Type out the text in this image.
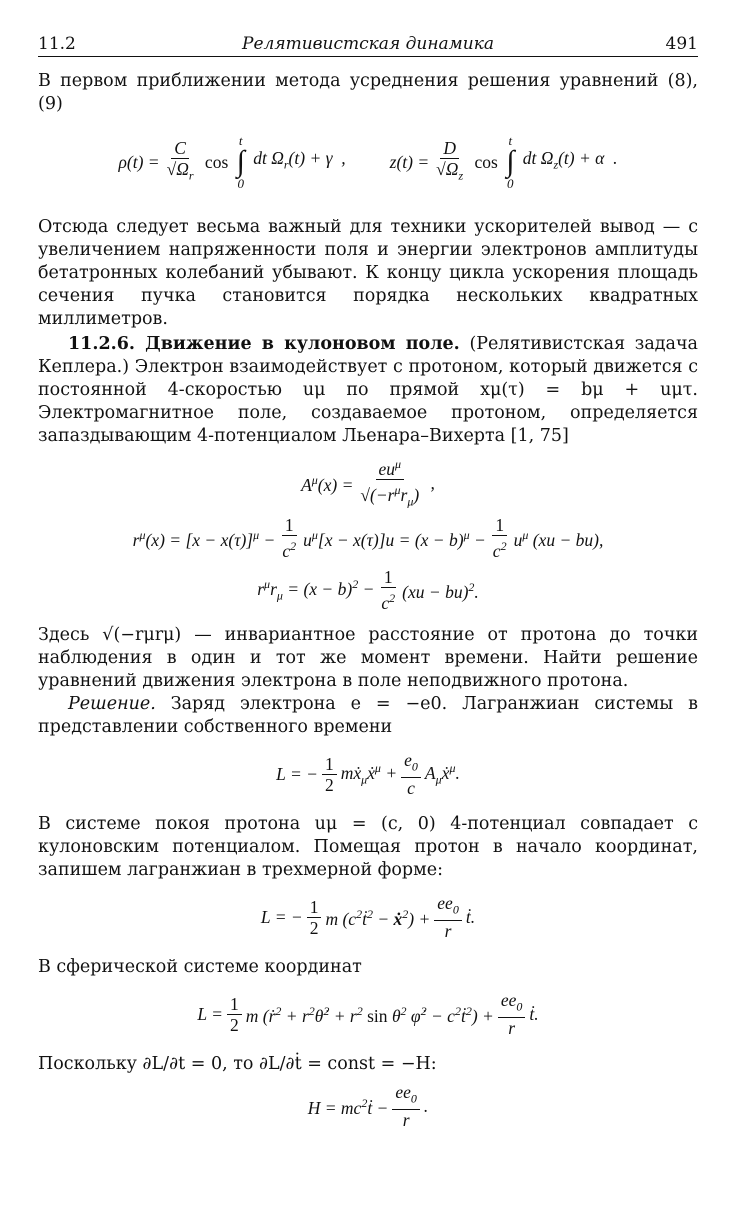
11.2	Релятивистская динамика	491

В первом приближении метода усреднения решения уравнений (8), (9)

$\rho(t) = \frac{C}{√\Omega_r}$ cos
t
∫
0
dt $\Omega_r(t) + \gamma$  ,	$z(t) = \frac{D}{√\Omega_z}$ cos
t
∫
0
dt $\Omega_z(t) + \alpha$  .

Отсюда следует весьма важный для техники ускорителей вывод — с увеличением напряженности поля и энергии электронов амплитуды бетатронных колебаний убывают. К концу цикла ускорения площадь сечения пучка становится порядка нескольких квадратных миллиметров.

11.2.6. Движение в кулоновом поле. (Релятивистская задача Кеплера.) Электрон взаимодействует с протоном, который движется с постоянной 4-скоростью uμ по прямой xμ(τ) = bμ + uμτ. Электромагнитное поле, создаваемое протоном, определяется запаздывающим 4-потенциалом Льенара–Вихерта [1, 75]

$A^\mu(x) = \frac{eu^\mu}{√(-r^\mu r_\mu)}$ ,
$r^\mu(x) = [x - x(\tau)]^\mu - \frac{1}{c^2} u^\mu[x - x(\tau)]u = (x - b)^\mu - \frac{1}{c^2} u^\mu$ (xu − bu),
$r^\mu r_\mu = (x - b)^2 - \frac{1}{c^2} (xu - bu)^2$.

Здесь √(−rμrμ) — инвариантное расстояние от протона до точки наблюдения в один и тот же момент времени. Найти решение уравнений движения электрона в поле неподвижного протона.

Решение. Заряд электрона e = −e0. Лагранжиан системы в представлении собственного времени

L = − $\frac{1}{2}$ mẋ$_\mu$ẋ$^\mu$ + $\frac{e_0}{c}$ $A_\mu ẋ^\mu$.

В системе покоя протона uμ = (c, 0) 4-потенциал совпадает с кулоновским потенциалом. Помещая протон в начало координат, запишем лагранжиан в трехмерной форме:

L = − $\frac{1}{2}$ m ($c^2ṫ^2$ − ẋ$^2$) + $\frac{ee_0}{r}$ ṫ.

В сферической системе координат

$L = \frac{1}{2}$ m (ṙ$^2$ + $r^2\thetȧ^2 + r^2$ $\sin \theta^2$ φ̇$^2$ − $c^2ṫ^2) + \frac{ee_0}{r}$ ṫ.

Поскольку ∂L/∂t = 0, то ∂L/∂ṫ = const = −H:

$H = mc^2ṫ - \frac{ee_0}{r}$ .
